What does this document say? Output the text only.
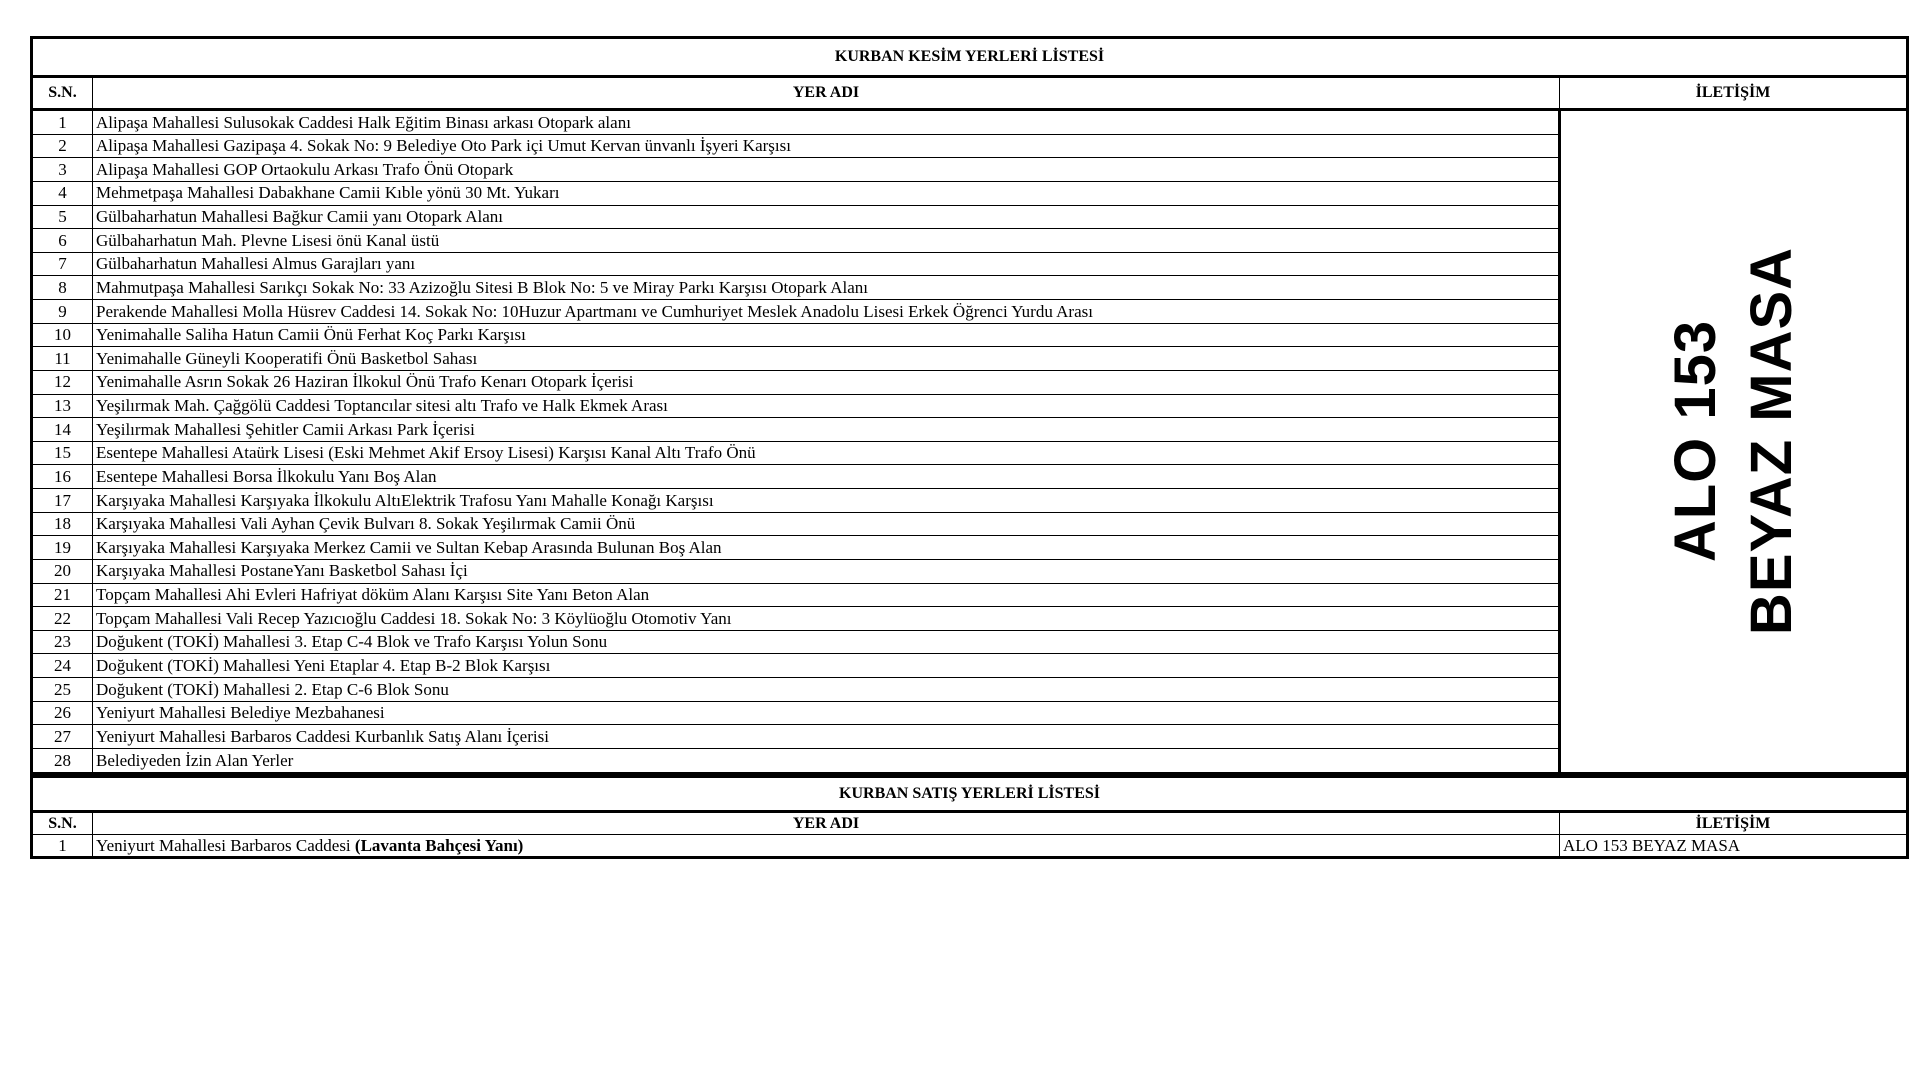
KURBAN KESİM YERLERİ LİSTESİ		
S.N.	YER ADI	İLETİŞİM
1	Alipaşa Mahallesi Sulusokak Caddesi Halk Eğitim Binası arkası Otopark alanı	ALO 153 BEYAZ MASA

2	Alipaşa Mahallesi Gazipaşa 4. Sokak No: 9 Belediye Oto Park içi Umut Kervan ünvanlı İşyeri Karşısı	
3	Alipaşa Mahallesi GOP Ortaokulu Arkası Trafo Önü Otopark	
4	Mehmetpaşa Mahallesi Dabakhane Camii Kıble yönü 30 Mt. Yukarı	
5	Gülbaharhatun Mahallesi Bağkur Camii yanı Otopark Alanı	
6	Gülbaharhatun Mah. Plevne Lisesi önü Kanal üstü	
7	Gülbaharhatun Mahallesi Almus Garajları yanı	
8	Mahmutpaşa Mahallesi Sarıkçı Sokak No: 33 Azizoğlu Sitesi B Blok No: 5 ve Miray Parkı Karşısı Otopark Alanı	
9	Perakende Mahallesi Molla Hüsrev Caddesi 14. Sokak No: 10Huzur Apartmanı ve Cumhuriyet Meslek Anadolu Lisesi Erkek Öğrenci Yurdu Arası	
10	Yenimahalle Saliha Hatun Camii Önü Ferhat Koç Parkı Karşısı	
11	Yenimahalle Güneyli Kooperatifi Önü Basketbol Sahası	
12	Yenimahalle Asrın Sokak 26 Haziran İlkokul Önü Trafo Kenarı Otopark İçerisi	
13	Yeşilırmak Mah. Çağgölü Caddesi Toptancılar sitesi altı Trafo ve Halk Ekmek Arası	
14	Yeşilırmak Mahallesi Şehitler Camii Arkası Park İçerisi	
15	Esentepe Mahallesi Ataürk Lisesi (Eski Mehmet Akif Ersoy Lisesi) Karşısı Kanal Altı Trafo Önü	
16	Esentepe Mahallesi Borsa İlkokulu Yanı Boş Alan	
17	Karşıyaka Mahallesi Karşıyaka İlkokulu AltıElektrik Trafosu Yanı Mahalle Konağı Karşısı	
18	Karşıyaka Mahallesi Vali Ayhan Çevik Bulvarı 8. Sokak Yeşilırmak Camii Önü	
19	Karşıyaka Mahallesi Karşıyaka Merkez Camii ve Sultan Kebap Arasında Bulunan Boş Alan	
20	Karşıyaka Mahallesi PostaneYanı Basketbol Sahası İçi	
21	Topçam Mahallesi Ahi Evleri Hafriyat döküm Alanı Karşısı Site Yanı Beton Alan	
22	Topçam Mahallesi Vali Recep Yazıcıoğlu Caddesi 18. Sokak No: 3 Köylüoğlu Otomotiv Yanı	
23	Doğukent (TOKİ) Mahallesi 3. Etap C-4 Blok ve Trafo Karşısı Yolun Sonu	
24	Doğukent (TOKİ) Mahallesi Yeni Etaplar 4. Etap B-2 Blok Karşısı	
25	Doğukent (TOKİ) Mahallesi 2. Etap C-6 Blok Sonu	
26	Yeniyurt Mahallesi Belediye Mezbahanesi	
27	Yeniyurt Mahallesi Barbaros Caddesi Kurbanlık Satış Alanı İçerisi	
28	Belediyeden İzin Alan Yerler	
KURBAN SATIŞ YERLERİ LİSTESİ		
S.N.	YER ADI	İLETİŞİM
1	Yeniyurt Mahallesi Barbaros Caddesi (Lavanta Bahçesi Yanı)	ALO 153 BEYAZ MASA
